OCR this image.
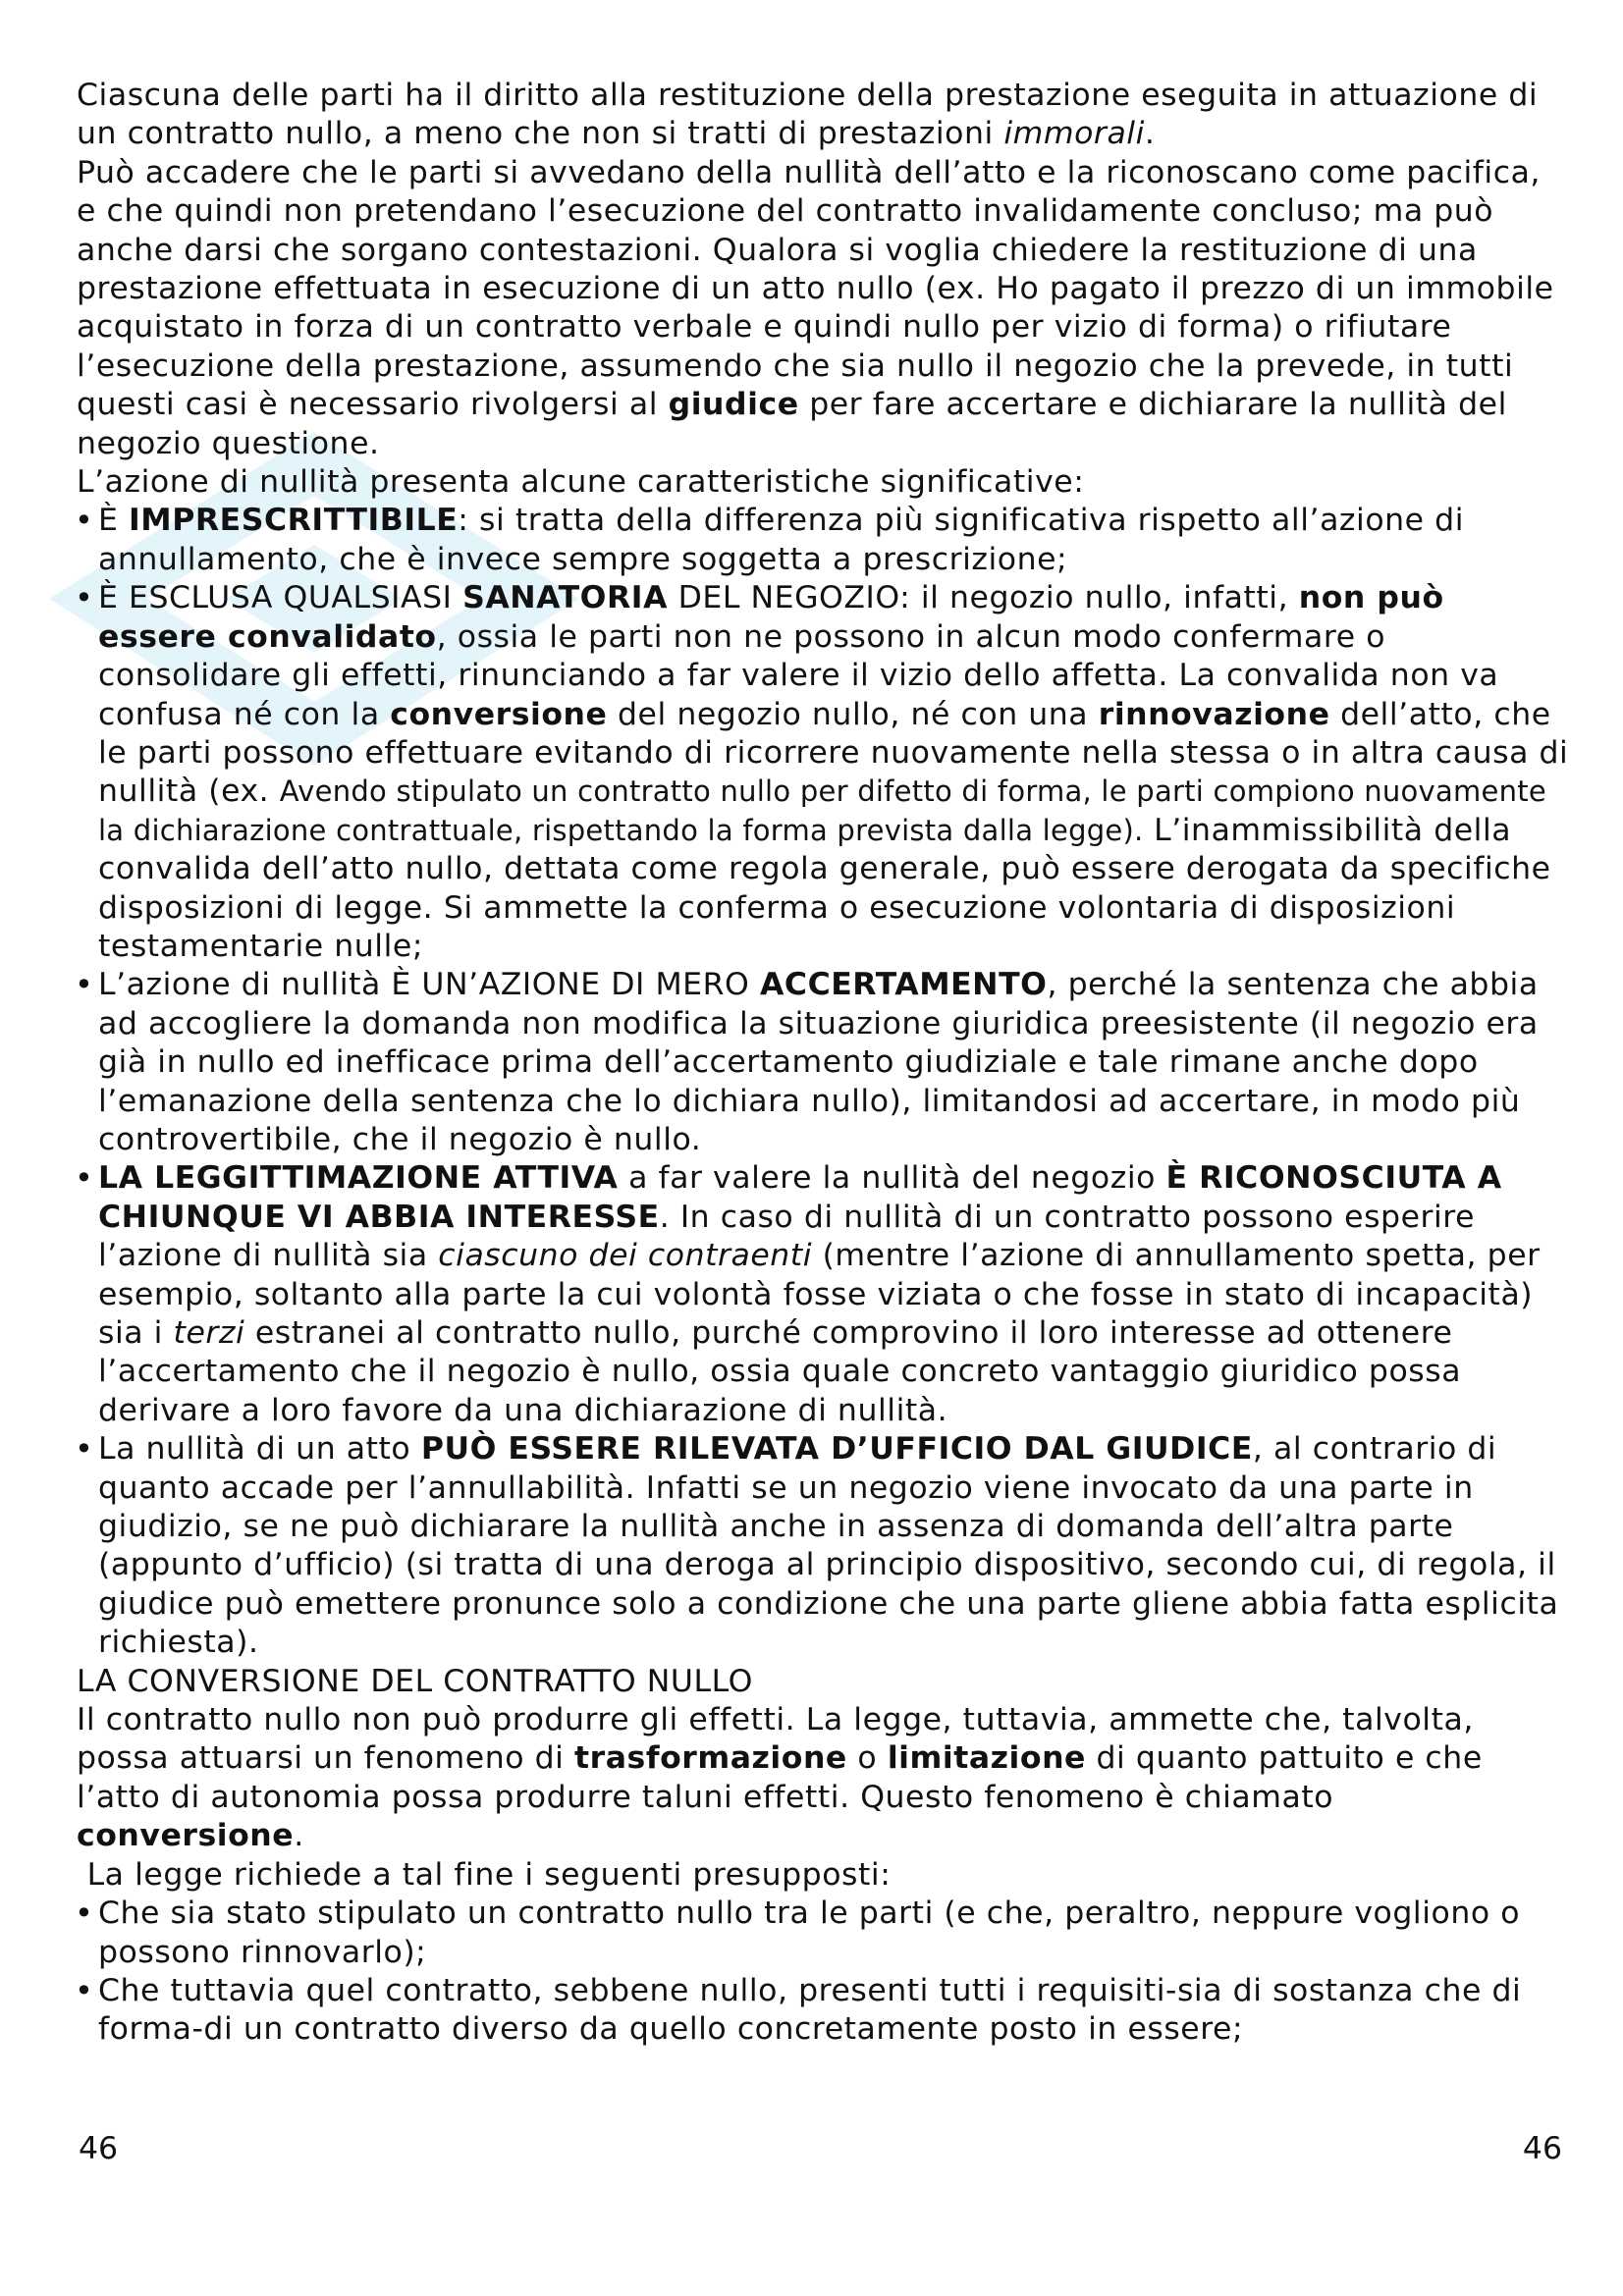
Ciascuna delle parti ha il diritto alla restituzione della prestazione eseguita in attuazione di un contratto nullo, a meno che non si tratti di prestazioni immorali.

Può accadere che le parti si avvedano della nullità dell’atto e la riconoscano come pacifica, e che quindi non pretendano l’esecuzione del contratto invalidamente concluso; ma può anche darsi che sorgano contestazioni. Qualora si voglia chiedere la restituzione di una prestazione effettuata in esecuzione di un atto nullo (ex. Ho pagato il prezzo di un immobile acquistato in forza di un contratto verbale e quindi nullo per vizio di forma) o rifiutare l’esecuzione della prestazione, assumendo che sia nullo il negozio che la prevede, in tutti questi casi è necessario rivolgersi al giudice per fare accertare e dichiarare la nullità del negozio questione.

L’azione di nullità presenta alcune caratteristiche significative:

• È IMPRESCRITTIBILE: si tratta della differenza più significativa rispetto all’azione di annullamento, che è invece sempre soggetta a prescrizione;
• È ESCLUSA QUALSIASI SANATORIA DEL NEGOZIO: il negozio nullo, infatti, non può essere convalidato, ossia le parti non ne possono in alcun modo confermare o consolidare gli effetti, rinunciando a far valere il vizio dello affetta. La convalida non va confusa né con la conversione del negozio nullo, né con una rinnovazione dell’atto, che le parti possono effettuare evitando di ricorrere nuovamente nella stessa o in altra causa di nullità (ex. Avendo stipulato un contratto nullo per difetto di forma, le parti compiono nuovamente la dichiarazione contrattuale, rispettando la forma prevista dalla legge). L’inammissibilità della convalida dell’atto nullo, dettata come regola generale, può essere derogata da specifiche disposizioni di legge. Si ammette la conferma o esecuzione volontaria di disposizioni testamentarie nulle;
• L’azione di nullità È UN’AZIONE DI MERO ACCERTAMENTO, perché la sentenza che abbia ad accogliere la domanda non modifica la situazione giuridica preesistente (il negozio era già in nullo ed inefficace prima dell’accertamento giudiziale e tale rimane anche dopo l’emanazione della sentenza che lo dichiara nullo), limitandosi ad accertare, in modo più controvertibile, che il negozio è nullo.
• LA LEGGITTIMAZIONE ATTIVA a far valere la nullità del negozio È RICONOSCIUTA A CHIUNQUE VI ABBIA INTERESSE. In caso di nullità di un contratto possono esperire l’azione di nullità sia ciascuno dei contraenti (mentre l’azione di annullamento spetta, per esempio, soltanto alla parte la cui volontà fosse viziata o che fosse in stato di incapacità) sia i terzi estranei al contratto nullo, purché comprovino il loro interesse ad ottenere l’accertamento che il negozio è nullo, ossia quale concreto vantaggio giuridico possa derivare a loro favore da una dichiarazione di nullità.
• La nullità di un atto PUÒ ESSERE RILEVATA D’UFFICIO DAL GIUDICE, al contrario di quanto accade per l’annullabilità. Infatti se un negozio viene invocato da una parte in giudizio, se ne può dichiarare la nullità anche in assenza di domanda dell’altra parte (appunto d’ufficio) (si tratta di una deroga al principio dispositivo, secondo cui, di regola, il giudice può emettere pronunce solo a condizione che una parte gliene abbia fatta esplicita richiesta).

LA CONVERSIONE DEL CONTRATTO NULLO

Il contratto nullo non può produrre gli effetti. La legge, tuttavia, ammette che, talvolta, possa attuarsi un fenomeno di trasformazione o limitazione di quanto pattuito e che l’atto di autonomia possa produrre taluni effetti. Questo fenomeno è chiamato conversione.

La legge richiede a tal fine i seguenti presupposti:

• Che sia stato stipulato un contratto nullo tra le parti (e che, peraltro, neppure vogliono o possono rinnovarlo);
• Che tuttavia quel contratto, sebbene nullo, presenti tutti i requisiti-sia di sostanza che di forma-di un contratto diverso da quello concretamente posto in essere;
46	46
